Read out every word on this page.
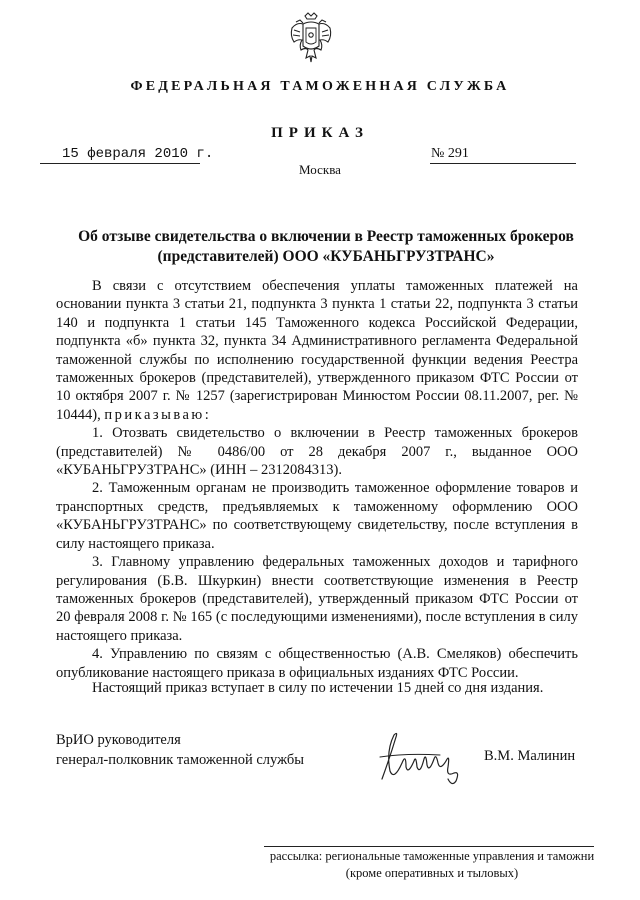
ФЕДЕРАЛЬНАЯ ТАМОЖЕННАЯ СЛУЖБА
ПРИКАЗ
15 февраля 2010 г.	№ 291
Москва
Об отзыве свидетельства о включении в Реестр таможенных брокеров
(представителей) ООО «КУБАНЬГРУЗТРАНС»

В связи с отсутствием обеспечения уплаты таможенных платежей на основании пункта 3 статьи 21, подпункта 3 пункта 1 статьи 22, подпункта 3 статьи 140 и подпункта 1 статьи 145 Таможенного кодекса Российской Федерации, подпункта «б» пункта 32, пункта 34 Административного регламента Федеральной таможенной службы по исполнению государственной функции ведения Реестра таможенных брокеров (представителей), утвержденного приказом ФТС России от 10 октября 2007 г. № 1257 (зарегистрирован Минюстом России 08.11.2007, рег. № 10444), приказываю:

1. Отозвать свидетельство о включении в Реестр таможенных брокеров (представителей) № 0486/00 от 28 декабря 2007 г., выданное ООО «КУБАНЬГРУЗТРАНС» (ИНН – 2312084313).

2. Таможенным органам не производить таможенное оформление товаров и транспортных средств, предъявляемых к таможенному оформлению ООО «КУБАНЬГРУЗТРАНС» по соответствующему свидетельству, после вступления в силу настоящего приказа.

3. Главному управлению федеральных таможенных доходов и тарифного регулирования (Б.В. Шкуркин) внести соответствующие изменения в Реестр таможенных брокеров (представителей), утвержденный приказом ФТС России от 20 февраля 2008 г. № 165 (с последующими изменениями), после вступления в силу настоящего приказа.

4. Управлению по связям с общественностью (А.В. Смеляков) обеспечить опубликование настоящего приказа в официальных изданиях ФТС России.

Настоящий приказ вступает в силу по истечении 15 дней со дня издания.
ВрИО руководителя
генерал-полковник таможенной службы	В.М. Малинин
рассылка: региональные таможенные управления и таможни
(кроме оперативных и тыловых)
